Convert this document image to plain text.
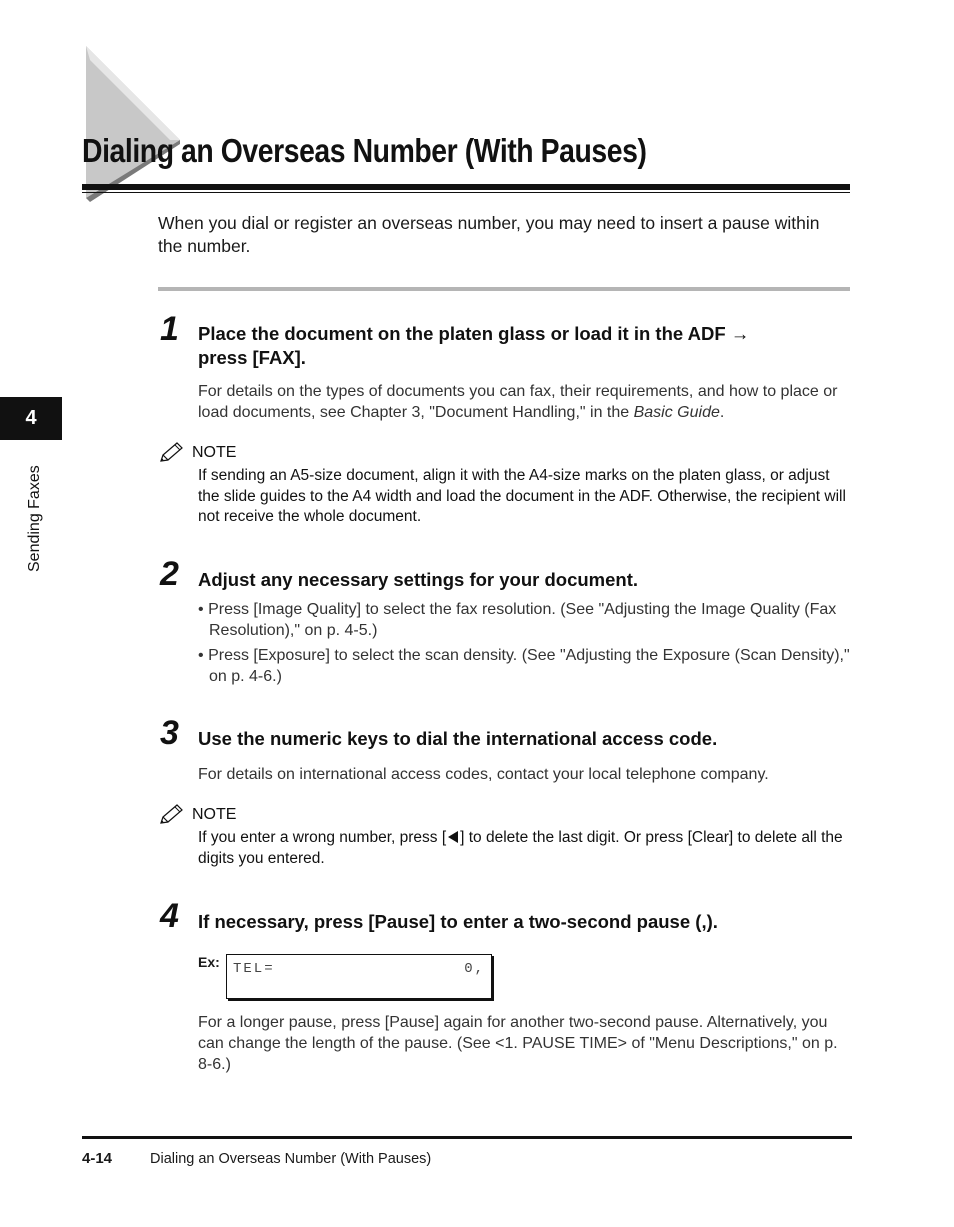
Dialing an Overseas Number (With Pauses)

When you dial or register an overseas number, you may need to insert a pause within the number.

4
Sending Faxes
1 Place the document on the platen glass or load it in the ADF →
press [FAX].

For details on the types of documents you can fax, their requirements, and how to place or load documents, see Chapter 3, "Document Handling," in the Basic Guide.

NOTE

If sending an A5-size document, align it with the A4-size marks on the platen glass, or adjust the slide guides to the A4 width and load the document in the ADF. Otherwise, the recipient will not receive the whole document.

2 Adjust any necessary settings for your document.

• Press [Image Quality] to select the fax resolution. (See "Adjusting the Image Quality (Fax Resolution)," on p. 4-5.)

• Press [Exposure] to select the scan density. (See "Adjusting the Exposure (Scan Density)," on p. 4-6.)

3 Use the numeric keys to dial the international access code.

For details on international access codes, contact your local telephone company.

NOTE

If you enter a wrong number, press [ ] to delete the last digit. Or press [Clear] to delete all the digits you entered.

4 If necessary, press [Pause] to enter a two-second pause (,).

Ex: TEL=	0,

For a longer pause, press [Pause] again for another two-second pause. Alternatively, you can change the length of the pause. (See <1. PAUSE TIME> of "Menu Descriptions," on p. 8-6.)

4-14	Dialing an Overseas Number (With Pauses)
